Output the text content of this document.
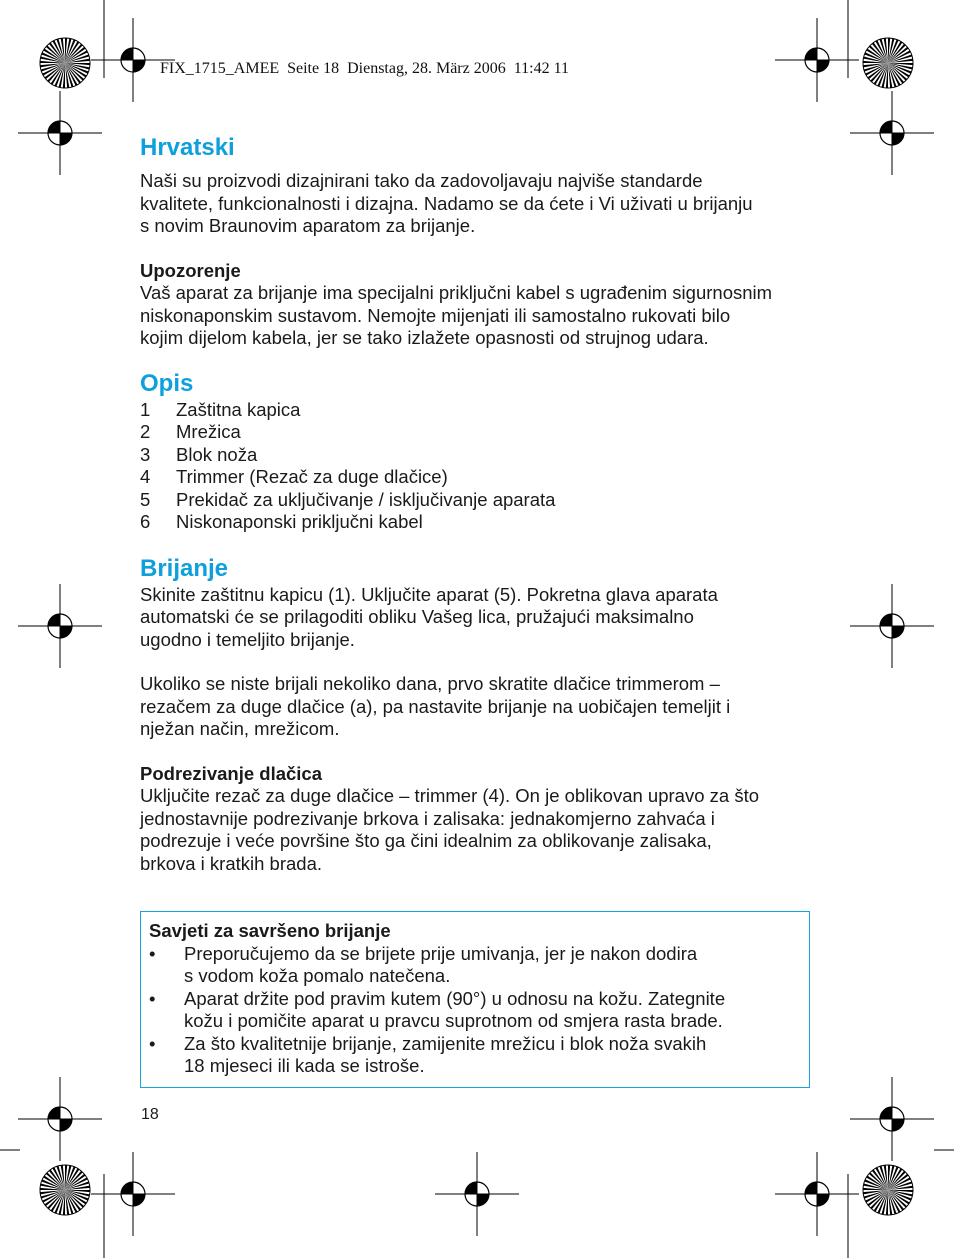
FIX_1715_AMEE  Seite 18  Dienstag, 28. März 2006  11:42 11
Hrvatski

Naši su proizvodi dizajnirani tako da zadovoljavaju najviše standarde

kvalitete, funkcionalnosti i dizajna. Nadamo se da ćete i Vi uživati u brijanju

s novim Braunovim aparatom za brijanje.

Upozorenje

Vaš aparat za brijanje ima specijalni priključni kabel s ugrađenim sigurnosnim

niskonaponskim sustavom. Nemojte mijenjati ili samostalno rukovati bilo

kojim dijelom kabela, jer se tako izlažete opasnosti od strujnog udara.

Opis
1	Zaštitna kapica
2	Mrežica
3	Blok noža
4	Trimmer (Rezač za duge dlačice)
5	Prekidač za uključivanje / isključivanje aparata
6	Niskonaponski priključni kabel
Brijanje

Skinite zaštitnu kapicu (1). Uključite aparat (5). Pokretna glava aparata

automatski će se prilagoditi obliku Vašeg lica, pružajući maksimalno

ugodno i temeljito brijanje.

Ukoliko se niste brijali nekoliko dana, prvo skratite dlačice trimmerom –

rezačem za duge dlačice (a), pa nastavite brijanje na uobičajen temeljit i

nježan način, mrežicom.

Podrezivanje dlačica

Uključite rezač za duge dlačice – trimmer (4). On je oblikovan upravo za što

jednostavnije podrezivanje brkova i zalisaka: jednakomjerno zahvaća i

podrezuje i veće površine što ga čini idealnim za oblikovanje zalisaka,

brkova i kratkih brada.

Savjeti za savršeno brijanje
•	Preporučujemo da se brijete prije umivanja, jer je nakon dodira
s vodom koža pomalo natečena.
•	Aparat držite pod pravim kutem (90°) u odnosu na kožu. Zategnite
kožu i pomičite aparat u pravcu suprotnom od smjera rasta brade.
•	Za što kvalitetnije brijanje, zamijenite mrežicu i blok noža svakih
18 mjeseci ili kada se istroše.
18
